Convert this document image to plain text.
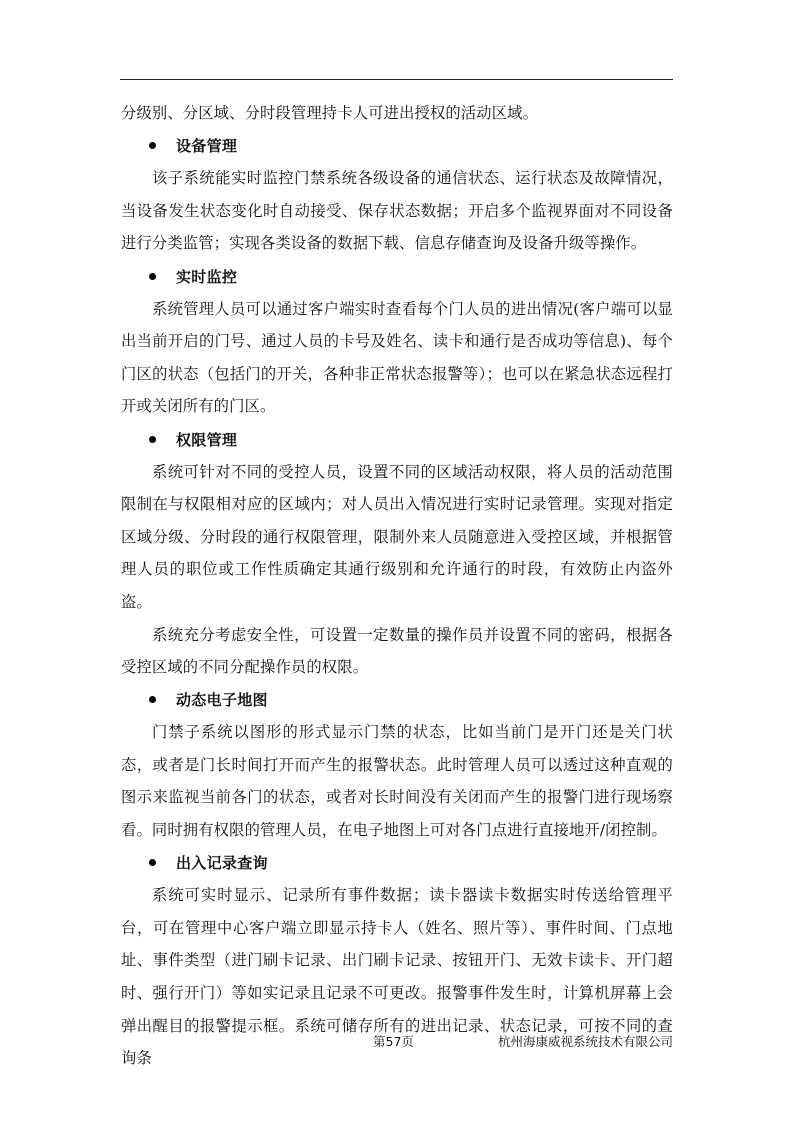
分级别、分区域、分时段管理持卡人可进出授权的活动区域。

设备管理

该子系统能实时监控门禁系统各级设备的通信状态、运行状态及故障情况，当设备发生状态变化时自动接受、保存状态数据；开启多个监视界面对不同设备进行分类监管；实现各类设备的数据下载、信息存储查询及设备升级等操作。

实时监控

系统管理人员可以通过客户端实时查看每个门人员的进出情况(客户端可以显出当前开启的门号、通过人员的卡号及姓名、读卡和通行是否成功等信息)、每个门区的状态（包括门的开关，各种非正常状态报警等）；也可以在紧急状态远程打开或关闭所有的门区。

权限管理

系统可针对不同的受控人员，设置不同的区域活动权限，将人员的活动范围限制在与权限相对应的区域内；对人员出入情况进行实时记录管理。实现对指定区域分级、分时段的通行权限管理，限制外来人员随意进入受控区域，并根据管理人员的职位或工作性质确定其通行级别和允许通行的时段，有效防止内盗外盗。

系统充分考虑安全性，可设置一定数量的操作员并设置不同的密码，根据各受控区域的不同分配操作员的权限。

动态电子地图

门禁子系统以图形的形式显示门禁的状态，比如当前门是开门还是关门状态，或者是门长时间打开而产生的报警状态。此时管理人员可以透过这种直观的图示来监视当前各门的状态，或者对长时间没有关闭而产生的报警门进行现场察看。同时拥有权限的管理人员，在电子地图上可对各门点进行直接地开/闭控制。

出入记录查询

系统可实时显示、记录所有事件数据；读卡器读卡数据实时传送给管理平台，可在管理中心客户端立即显示持卡人（姓名、照片等）、事件时间、门点地址、事件类型（进门刷卡记录、出门刷卡记录、按钮开门、无效卡读卡、开门超时、强行开门）等如实记录且记录不可更改。报警事件发生时，计算机屏幕上会弹出醒目的报警提示框。系统可储存所有的进出记录、状态记录，可按不同的查询条

第57页	杭州海康威视系统技术有限公司
